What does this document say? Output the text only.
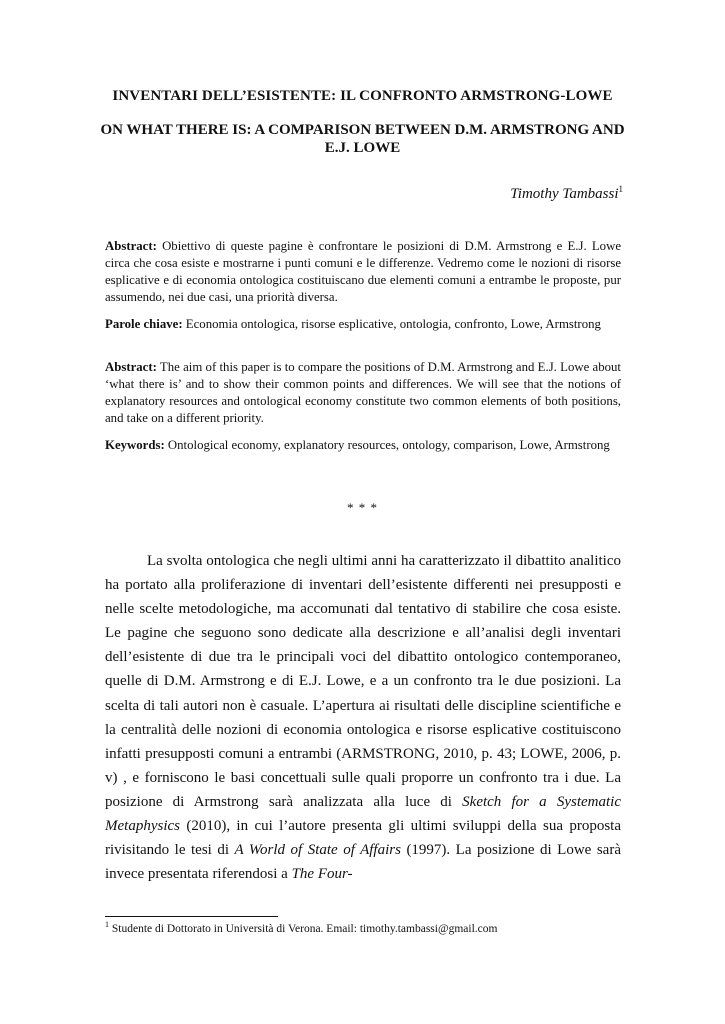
INVENTARI DELL’ESISTENTE: IL CONFRONTO ARMSTRONG-LOWE
ON WHAT THERE IS: A COMPARISON BETWEEN D.M. ARMSTRONG AND E.J. LOWE
Timothy Tambassi$^1$
Abstract: Obiettivo di queste pagine è confrontare le posizioni di D.M. Armstrong e E.J. Lowe circa che cosa esiste e mostrarne i punti comuni e le differenze. Vedremo come le nozioni di risorse esplicative e di economia ontologica costituiscano due elementi comuni a entrambe le proposte, pur assumendo, nei due casi, una priorità diversa.
Parole chiave: Economia ontologica, risorse esplicative, ontologia, confronto, Lowe, Armstrong
Abstract: The aim of this paper is to compare the positions of D.M. Armstrong and E.J. Lowe about ‘what there is’ and to show their common points and differences. We will see that the notions of explanatory resources and ontological economy constitute two common elements of both positions, and take on a different priority.
Keywords: Ontological economy, explanatory resources, ontology, comparison, Lowe, Armstrong
* * *
La svolta ontologica che negli ultimi anni ha caratterizzato il dibattito analitico ha portato alla proliferazione di inventari dell’esistente differenti nei presupposti e nelle scelte metodologiche, ma accomunati dal tentativo di stabilire che cosa esiste. Le pagine che seguono sono dedicate alla descrizione e all’analisi degli inventari dell’esistente di due tra le principali voci del dibattito ontologico contemporaneo, quelle di D.M. Armstrong e di E.J. Lowe, e a un confronto tra le due posizioni. La scelta di tali autori non è casuale. L’apertura ai risultati delle discipline scientifiche e la centralità delle nozioni di economia ontologica e risorse esplicative costituiscono infatti presupposti comuni a entrambi (ARMSTRONG, 2010, p. 43; LOWE, 2006, p. v) , e forniscono le basi concettuali sulle quali proporre un confronto tra i due. La posizione di Armstrong sarà analizzata alla luce di Sketch for a Systematic Metaphysics (2010), in cui l’autore presenta gli ultimi sviluppi della sua proposta rivisitando le tesi di A World of State of Affairs (1997). La posizione di Lowe sarà invece presentata riferendosi a The Four-
$^1$ Studente di Dottorato in Università di Verona. Email: timothy.tambassi@gmail.com
